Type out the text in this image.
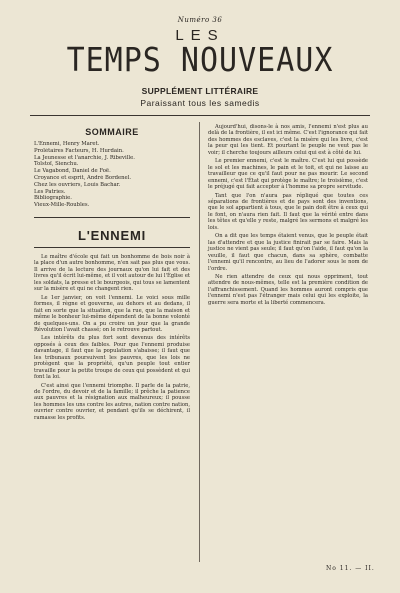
Numéro 36
LES
TEMPS NOUVEAUX
SUPPLÉMENT LITTÉRAIRE
Paraissant tous les samedis
SOMMAIRE
L'Ennemi, Henry Maret.
Prolétaires Facteurs, H. Hurdain.
La Jeunesse et l'anarchie, J. Ribeville.
Tolstoï, Sienchu.
Le Vagabond, Daniel de Foë.
Croyance et esprit, André Bordenel.
Chez les ouvriers, Louis Bachar.
Les Patries.
Bibliographie.
Vieux-Mille-Roubles.
L'ENNEMI

Le maître d'école qui fait un bonhomme de bois noir à la place d'un autre bonhomme, n'en sait pas plus que vous. Il arrive de la lecture des journaux qu'on lui fait et des livres qu'il écrit lui-même, et il voit autour de lui l'Église et les soldats, la presse et le bourgeois, qui tous se lamentent sur la misère et qui ne changent rien.

Le 1er janvier, on voit l'ennemi. Le voici sous mille formes, il règne et gouverne, au dehors et au dedans, il fait en sorte que la situation, que la rue, que la maison et même le bonheur lui-même dépendent de la bonne volonté de quelques-uns. On a pu croire un jour que la grande Révolution l'avait chassé; on le retrouve partout.

Les intérêts du plus fort sont devenus des intérêts opposés à ceux des faibles. Pour que l'ennemi produise davantage, il faut que la population s'abaisse; il faut que les tribunaux poursuivent les pauvres, que les lois ne protègent que la propriété, qu'un peuple tout entier travaille pour la petite troupe de ceux qui possèdent et qui font la loi.

C'est ainsi que l'ennemi triomphe. Il parle de la patrie, de l'ordre, du devoir et de la famille; il prêche la patience aux pauvres et la résignation aux malheureux; il pousse les hommes les uns contre les autres, nation contre nation, ouvrier contre ouvrier, et pendant qu'ils se déchirent, il ramasse les profits.

Aujourd'hui, disons-le à nos amis, l'ennemi n'est plus au delà de la frontière, il est ici même. C'est l'ignorance qui fait des hommes des esclaves, c'est la misère qui les livre, c'est la peur qui les tient. Et pourtant le peuple ne veut pas le voir; il cherche toujours ailleurs celui qui est à côté de lui.

Le premier ennemi, c'est le maître. C'est lui qui possède le sol et les machines, le pain et le toit, et qui ne laisse au travailleur que ce qu'il faut pour ne pas mourir. Le second ennemi, c'est l'État qui protège le maître; le troisième, c'est le préjugé qui fait accepter à l'homme sa propre servitude.

Tant que l'on n'aura pas répliqué que toutes ces séparations de frontières et de pays sont des inventions, que le sol appartient à tous, que le pain doit être à ceux qui le font, on n'aura rien fait. Il faut que la vérité entre dans les têtes et qu'elle y reste, malgré les sermons et malgré les lois.

On a dit que les temps étaient venus, que le peuple était las d'attendre et que la justice finirait par se faire. Mais la justice ne vient pas seule; il faut qu'on l'aide, il faut qu'on la veuille, il faut que chacun, dans sa sphère, combatte l'ennemi qu'il rencontre, au lieu de l'adorer sous le nom de l'ordre.

Ne rien attendre de ceux qui nous oppriment, tout attendre de nous-mêmes, telle est la première condition de l'affranchissement. Quand les hommes auront compris que l'ennemi n'est pas l'étranger mais celui qui les exploite, la guerre sera morte et la liberté commencera.

No 11. — II.
